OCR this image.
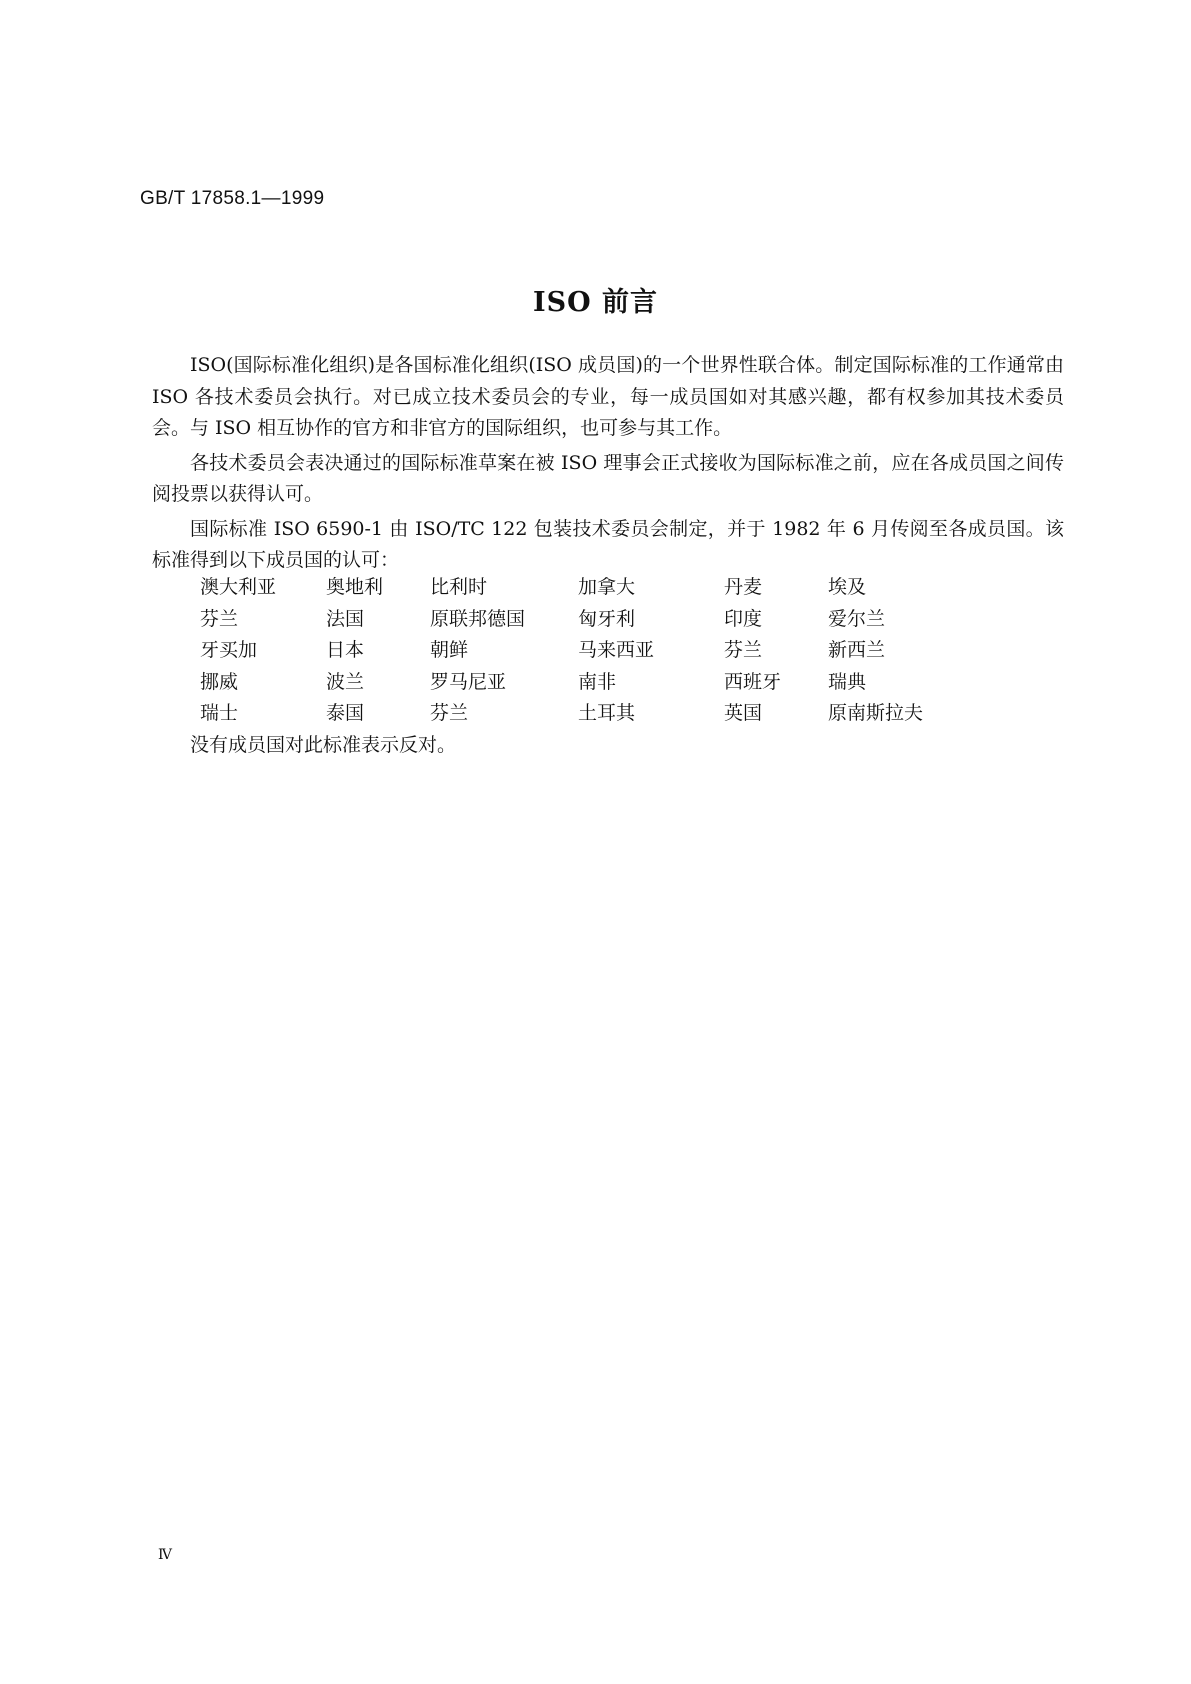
GB/T 17858.1—1999
ISO 前言

ISO(国际标准化组织)是各国标准化组织(ISO 成员国)的一个世界性联合体。制定国际标准的工作通常由 ISO 各技术委员会执行。对已成立技术委员会的专业，每一成员国如对其感兴趣，都有权参加其技术委员会。与 ISO 相互协作的官方和非官方的国际组织，也可参与其工作。

各技术委员会表决通过的国际标准草案在被 ISO 理事会正式接收为国际标准之前，应在各成员国之间传阅投票以获得认可。

国际标准 ISO 6590-1 由 ISO/TC 122 包装技术委员会制定，并于 1982 年 6 月传阅至各成员国。该标准得到以下成员国的认可：

澳大利亚	奥地利 比利时	加拿大	丹麦	埃及
芬兰	法国	原联邦德国	匈牙利	印度	爱尔兰
牙买加	日本	朝鲜	马来西亚	芬兰	新西兰
挪威	波兰	罗马尼亚	南非	西班牙 瑞典
瑞士	泰国	芬兰	土耳其	英国	原南斯拉夫
没有成员国对此标准表示反对。
Ⅳ
